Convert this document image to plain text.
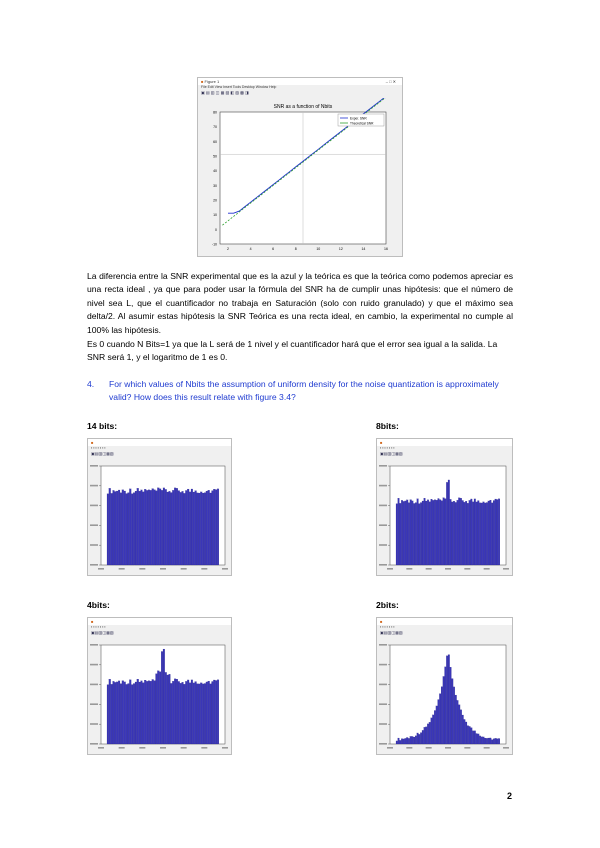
■ Figure 1	– □ ✕
File Edit View Insert Tools Desktop Window Help
▣ ▤ ▥ ◫ ▦ ▧ ◧ ▨ ▩ ◨
SNR as a function of Nbits
80
70
60
50
40
30
20
10
0
-10
2	4	6	8	10	12	14	16
Exper. SNR
Theoretical SNR
La diferencia entre la SNR experimental que es la azul y la teórica es que la teórica como podemos apreciar es una recta ideal , ya que para poder usar la fórmula del SNR ha de cumplir unas hipótesis: que el número de nivel sea L, que el cuantificador no trabaja en Saturación (solo con ruido granulado) y que el máximo sea delta/2. Al asumir estas hipótesis la SNR Teórica es una recta ideal, en cambio, la experimental no cumple al 100% las hipótesis.
Es 0 cuando N Bits=1 ya que la L será de 1 nivel y el cuantificador hará que el error sea igual a la salida. La SNR será 1, y el logaritmo de 1 es 0.
4. For which values of Nbits the assumption of uniform density for the noise quantization is approximately valid? How does this result relate with figure 3.4?
14 bits:	8bits:
4bits:	2bits:
■
▪ ▪ ▪ ▪ ▪ ▪ ▪
▣▤▥◫▦▧
■
▪ ▪ ▪ ▪ ▪ ▪ ▪
▣▤▥◫▦▧
■
▪ ▪ ▪ ▪ ▪ ▪ ▪
▣▤▥◫▦▧
■
▪ ▪ ▪ ▪ ▪ ▪ ▪
▣▤▥◫▦▧
2
